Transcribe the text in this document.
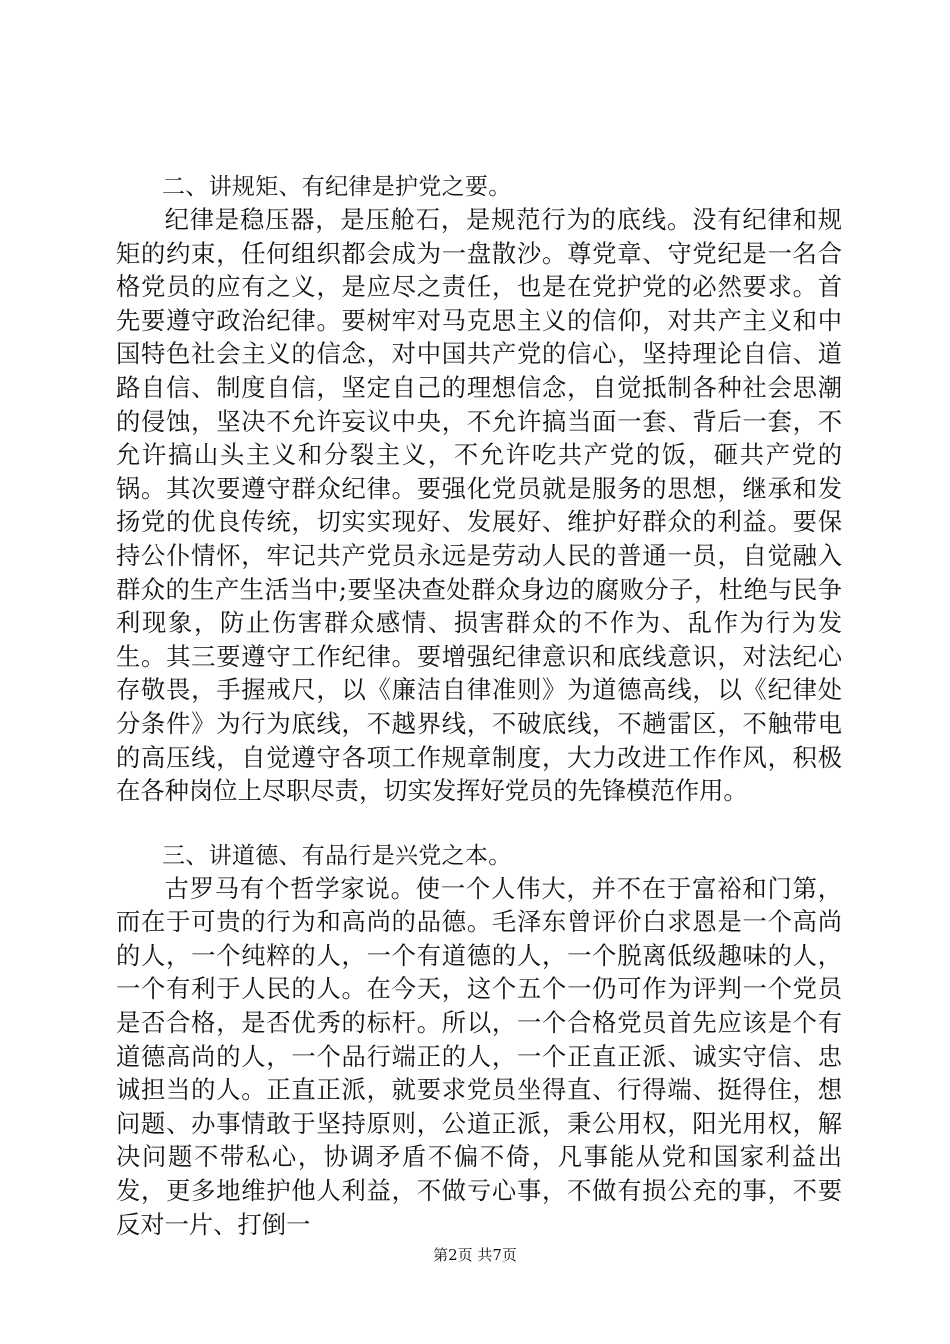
二、讲规矩、有纪律是护党之要。

纪律是稳压器，是压舱石，是规范行为的底线。没有纪律和规矩的约束，任何组织都会成为一盘散沙。尊党章、守党纪是一名合格党员的应有之义，是应尽之责任，也是在党护党的必然要求。首先要遵守政治纪律。要树牢对马克思主义的信仰，对共产主义和中国特色社会主义的信念，对中国共产党的信心，坚持理论自信、道路自信、制度自信，坚定自己的理想信念，自觉抵制各种社会思潮的侵蚀，坚决不允许妄议中央，不允许搞当面一套、背后一套，不允许搞山头主义和分裂主义，不允许吃共产党的饭，砸共产党的锅。其次要遵守群众纪律。要强化党员就是服务的思想，继承和发扬党的优良传统，切实实现好、发展好、维护好群众的利益。要保持公仆情怀，牢记共产党员永远是劳动人民的普通一员，自觉融入群众的生产生活当中;要坚决查处群众身边的腐败分子，杜绝与民争利现象，防止伤害群众感情、损害群众的不作为、乱作为行为发生。其三要遵守工作纪律。要增强纪律意识和底线意识，对法纪心存敬畏，手握戒尺，以《廉洁自律准则》为道德高线，以《纪律处分条件》为行为底线，不越界线，不破底线，不趟雷区，不触带电的高压线，自觉遵守各项工作规章制度，大力改进工作作风，积极在各种岗位上尽职尽责，切实发挥好党员的先锋模范作用。

三、讲道德、有品行是兴党之本。

古罗马有个哲学家说。使一个人伟大，并不在于富裕和门第，而在于可贵的行为和高尚的品德。毛泽东曾评价白求恩是一个高尚的人，一个纯粹的人，一个有道德的人，一个脱离低级趣味的人，一个有利于人民的人。在今天，这个五个一仍可作为评判一个党员是否合格，是否优秀的标杆。所以，一个合格党员首先应该是个有道德高尚的人，一个品行端正的人，一个正直正派、诚实守信、忠诚担当的人。正直正派，就要求党员坐得直、行得端、挺得住，想问题、办事情敢于坚持原则，公道正派，秉公用权，阳光用权，解决问题不带私心，协调矛盾不偏不倚，凡事能从党和国家利益出发，更多地维护他人利益，不做亏心事，不做有损公充的事，不要反对一片、打倒一

第2页 共7页
